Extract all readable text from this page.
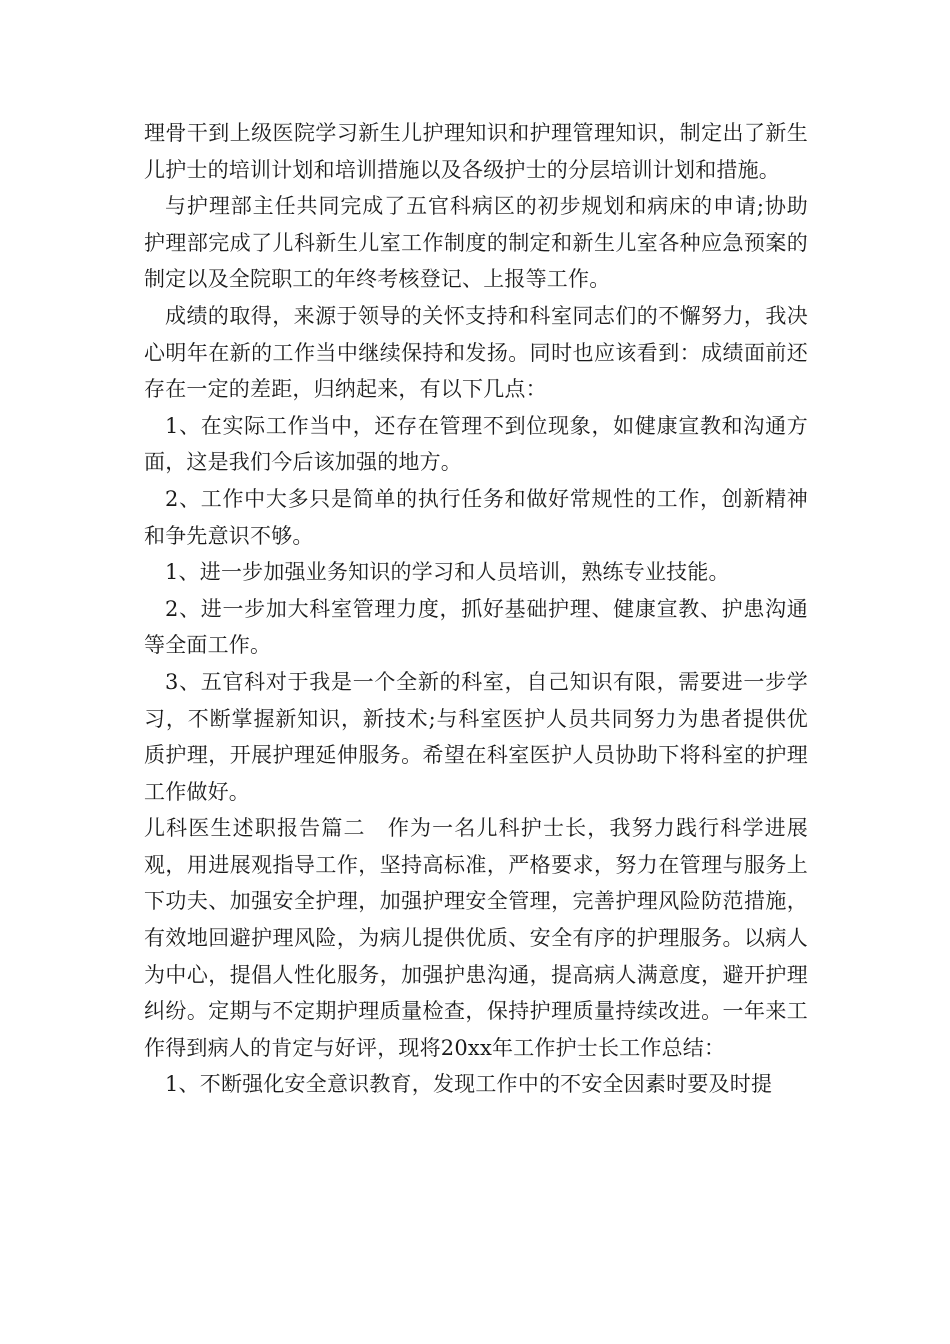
理骨干到上级医院学习新生儿护理知识和护理管理知识，制定出了新生儿护士的培训计划和培训措施以及各级护士的分层培训计划和措施。

与护理部主任共同完成了五官科病区的初步规划和病床的申请;协助护理部完成了儿科新生儿室工作制度的制定和新生儿室各种应急预案的制定以及全院职工的年终考核登记、上报等工作。

成绩的取得，来源于领导的关怀支持和科室同志们的不懈努力，我决心明年在新的工作当中继续保持和发扬。同时也应该看到：成绩面前还存在一定的差距，归纳起来，有以下几点：

1、在实际工作当中，还存在管理不到位现象，如健康宣教和沟通方面，这是我们今后该加强的地方。

2、工作中大多只是简单的执行任务和做好常规性的工作，创新精神和争先意识不够。

1、进一步加强业务知识的学习和人员培训，熟练专业技能。

2、进一步加大科室管理力度，抓好基础护理、健康宣教、护患沟通等全面工作。

3、五官科对于我是一个全新的科室，自己知识有限，需要进一步学习，不断掌握新知识，新技术;与科室医护人员共同努力为患者提供优质护理，开展护理延伸服务。希望在科室医护人员协助下将科室的护理工作做好。

儿科医生述职报告篇二　作为一名儿科护士长，我努力践行科学进展观，用进展观指导工作，坚持高标准，严格要求，努力在管理与服务上下功夫、加强安全护理，加强护理安全管理，完善护理风险防范措施，有效地回避护理风险，为病儿提供优质、安全有序的护理服务。以病人为中心，提倡人性化服务，加强护患沟通，提高病人满意度，避开护理纠纷。定期与不定期护理质量检查，保持护理质量持续改进。一年来工作得到病人的肯定与好评，现将20xx年工作护士长工作总结：

1、不断强化安全意识教育，发现工作中的不安全因素时要及时提
